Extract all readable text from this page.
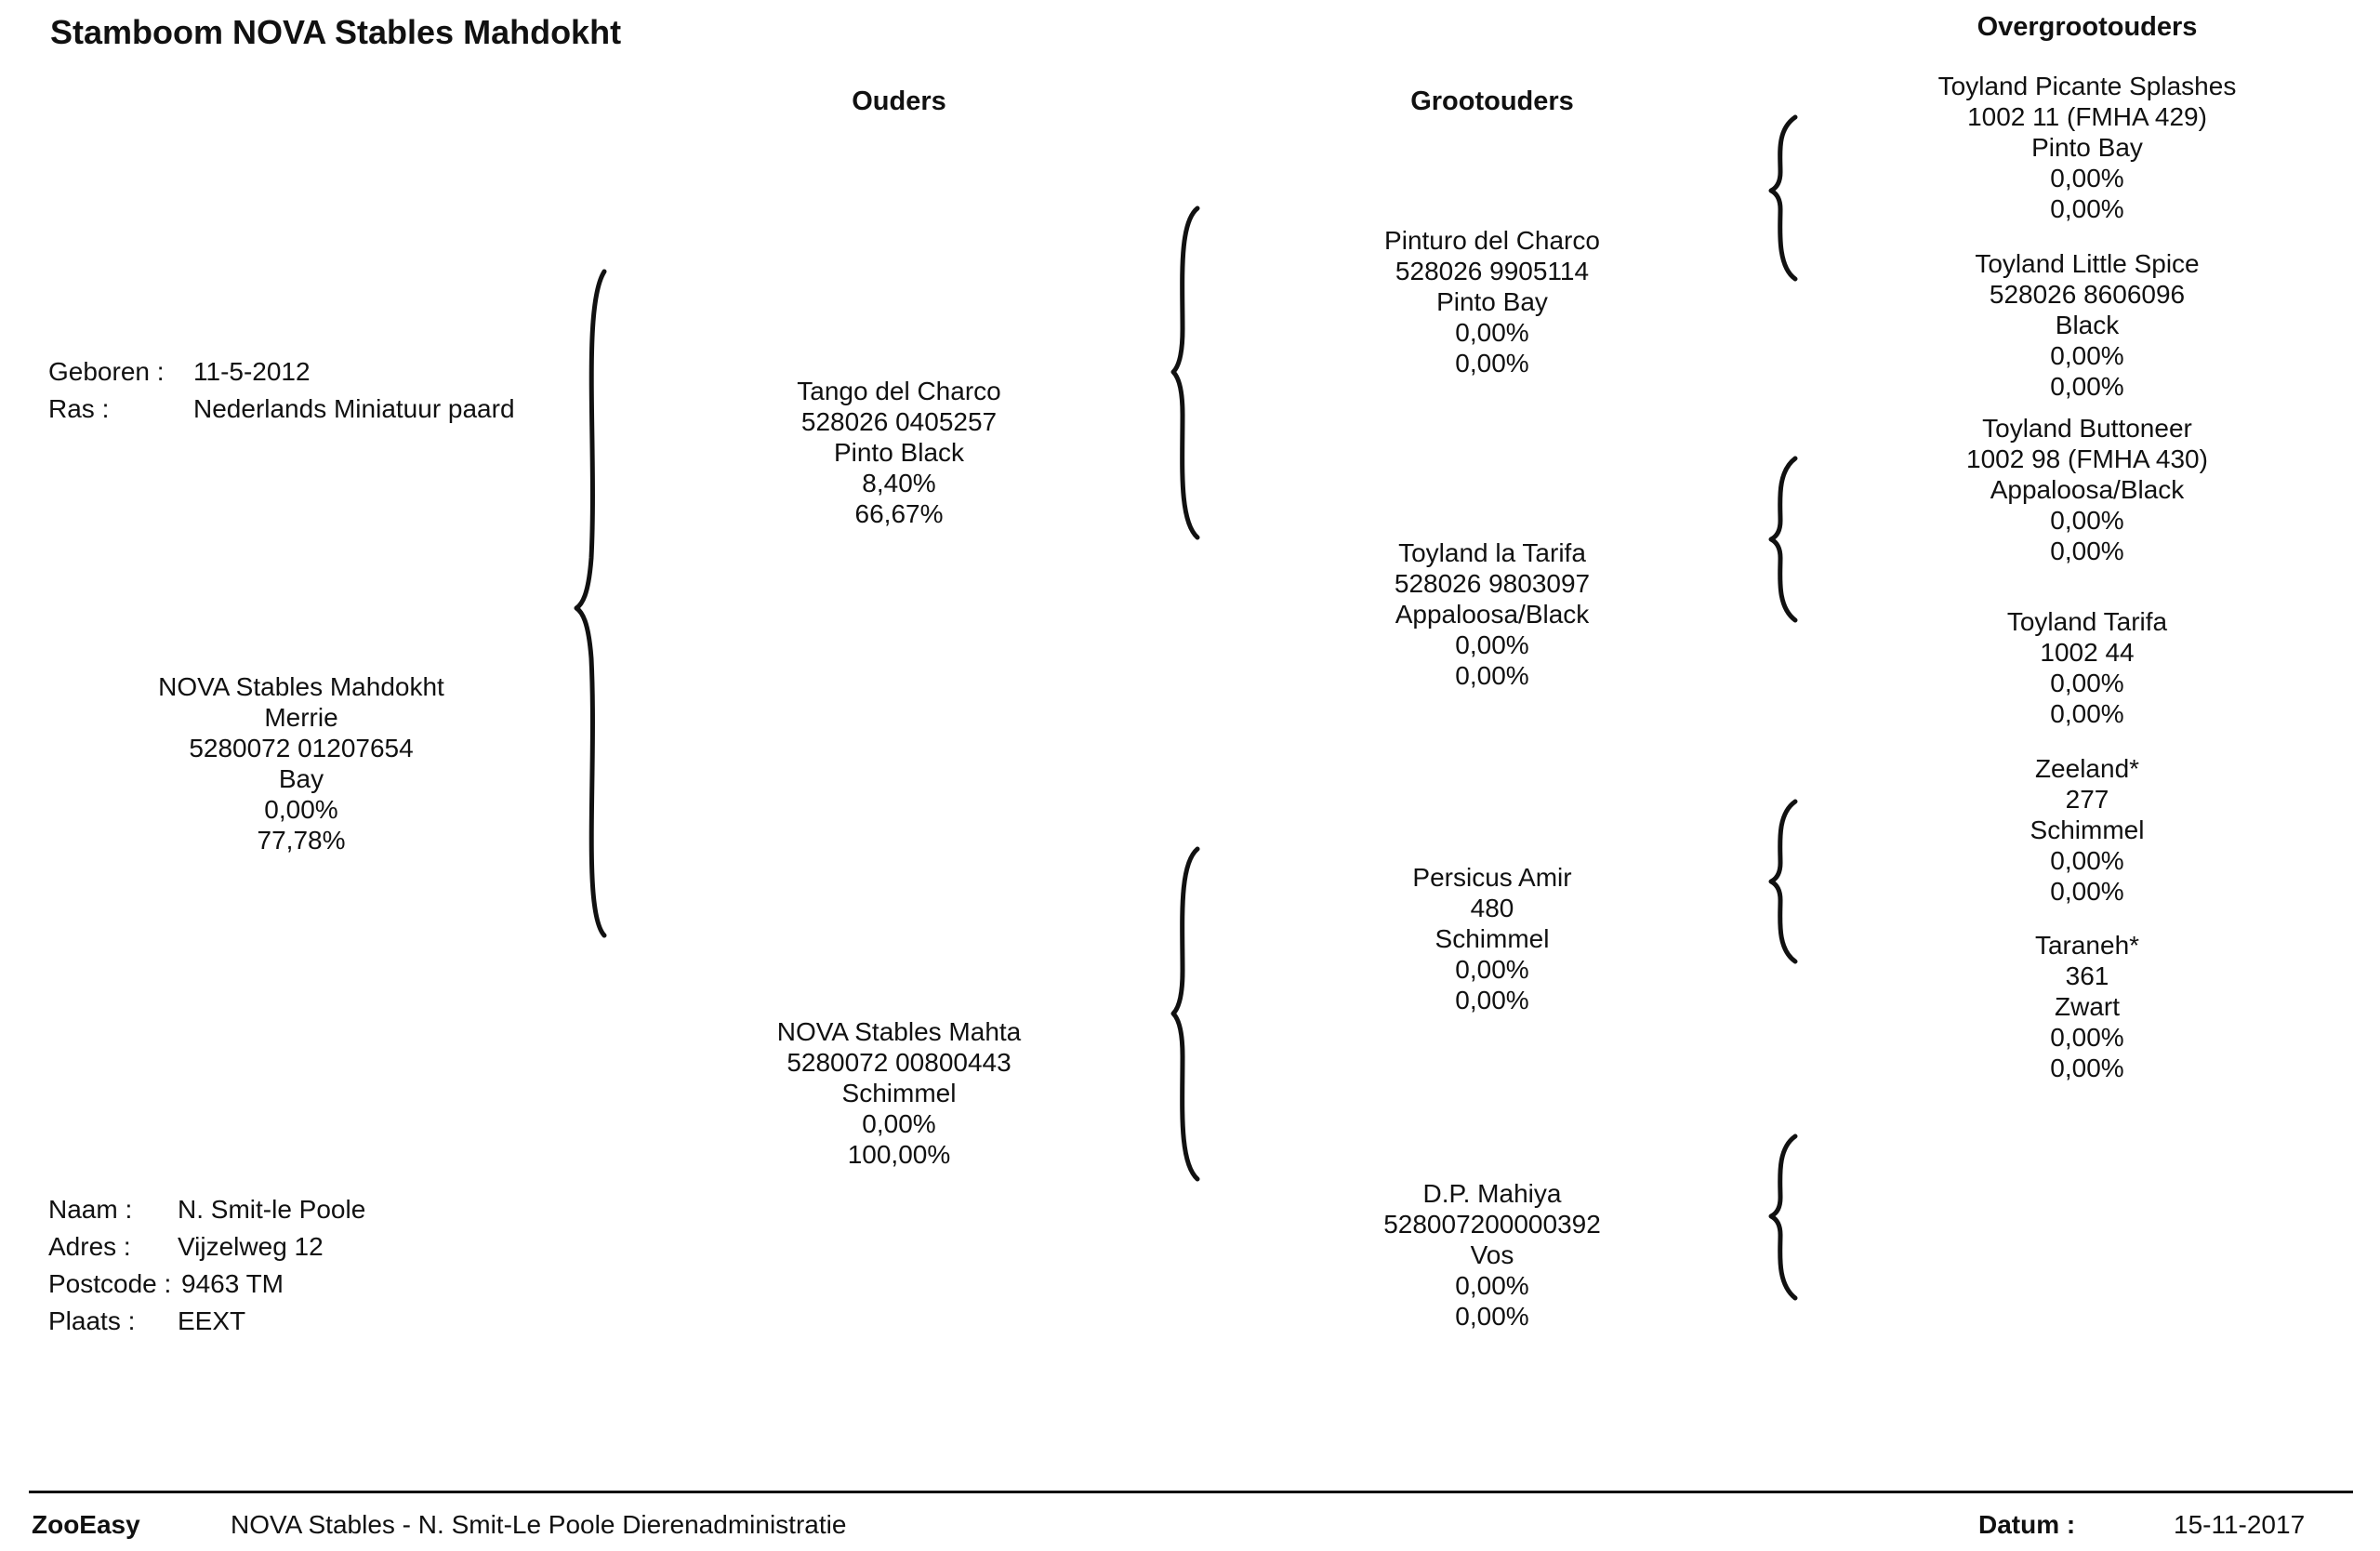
Stamboom NOVA Stables Mahdokht
Ouders	Grootouders
Overgrootouders
Geboren : 11-5-2012
Ras :	Nederlands Miniatuur paard
NOVA Stables Mahdokht
Merrie
5280072 01207654
Bay
0,00%
77,78%
Tango del Charco
528026 0405257
Pinto Black
8,40%
66,67%
NOVA Stables Mahta
5280072 00800443
Schimmel
0,00%
100,00%
Pinturo del Charco
528026 9905114
Pinto Bay
0,00%
0,00%
Toyland la Tarifa
528026 9803097
Appaloosa/Black
0,00%
0,00%
Persicus Amir
480
Schimmel
0,00%
0,00%
D.P. Mahiya
528007200000392
Vos
0,00%
0,00%
Toyland Picante Splashes
1002 11 (FMHA 429)
Pinto Bay
0,00%
0,00%
Toyland Little Spice
528026 8606096
Black
0,00%
0,00%
Toyland Buttoneer
1002 98 (FMHA 430)
Appaloosa/Black
0,00%
0,00%
Toyland Tarifa
1002 44
0,00%
0,00%
Zeeland*
277
Schimmel
0,00%
0,00%
Taraneh*
361
Zwart
0,00%
0,00%
Naam : N. Smit-le Poole
Adres : Vijzelweg 12
Postcode : 9463 TM
Plaats : EEXT
ZooEasy	NOVA Stables - N. Smit-Le Poole Dierenadministratie	Datum :	15-11-2017
